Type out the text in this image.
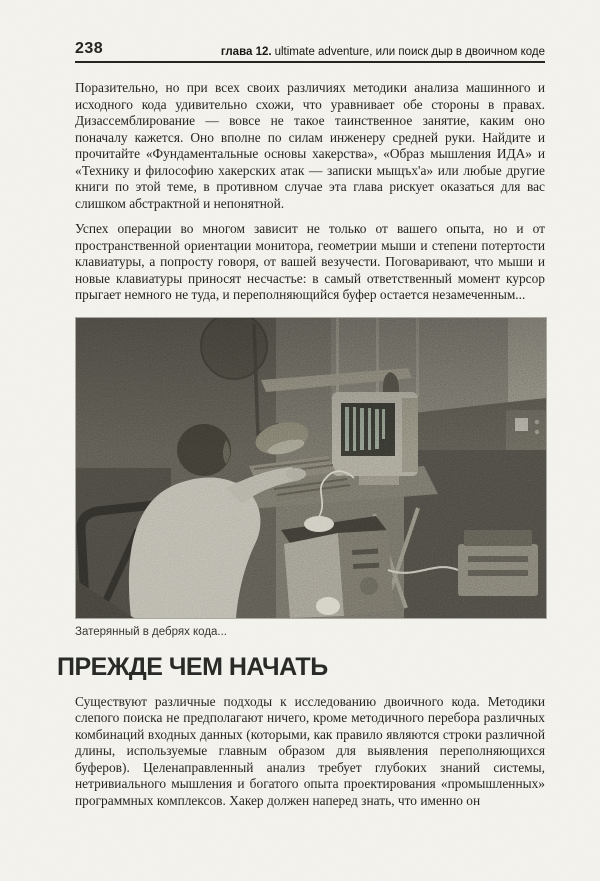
238	глава 12. ultimate adventure, или поиск дыр в двоичном коде

Поразительно, но при всех своих различиях методики анализа машинного и исходного кода удивительно схожи, что уравнивает обе стороны в правах. Дизассемблирование — вовсе не такое таинственное занятие, каким оно поначалу кажется. Оно вполне по силам инженеру средней руки. Найдите и прочитайте «Фундаментальные основы хакерства», «Образ мышления ИДА» и «Технику и философию хакерских атак — записки мыщъх'а» или любые другие книги по этой теме, в противном случае эта глава рискует оказаться для вас слишком абстрактной и непонятной.

Успех операции во многом зависит не только от вашего опыта, но и от пространственной ориентации монитора, геометрии мыши и степени потертости клавиатуры, а попросту говоря, от вашей везучести. Поговаривают, что мыши и новые клавиатуры приносят несчастье: в самый ответственный момент курсор прыгает немного не туда, и переполняющийся буфер остается незамеченным...

Затерянный в дебрях кода...
ПРЕЖДЕ ЧЕМ НАЧАТЬ

Существуют различные подходы к исследованию двоичного кода. Методики слепого поиска не предполагают ничего, кроме методичного перебора различных комбинаций входных данных (которыми, как правило являются строки различной длины, используемые главным образом для выявления переполняющихся буферов). Целенаправленный анализ требует глубоких знаний системы, нетривиального мышления и богатого опыта проектирования «промышленных» программных комплексов. Хакер должен наперед знать, что именно он
